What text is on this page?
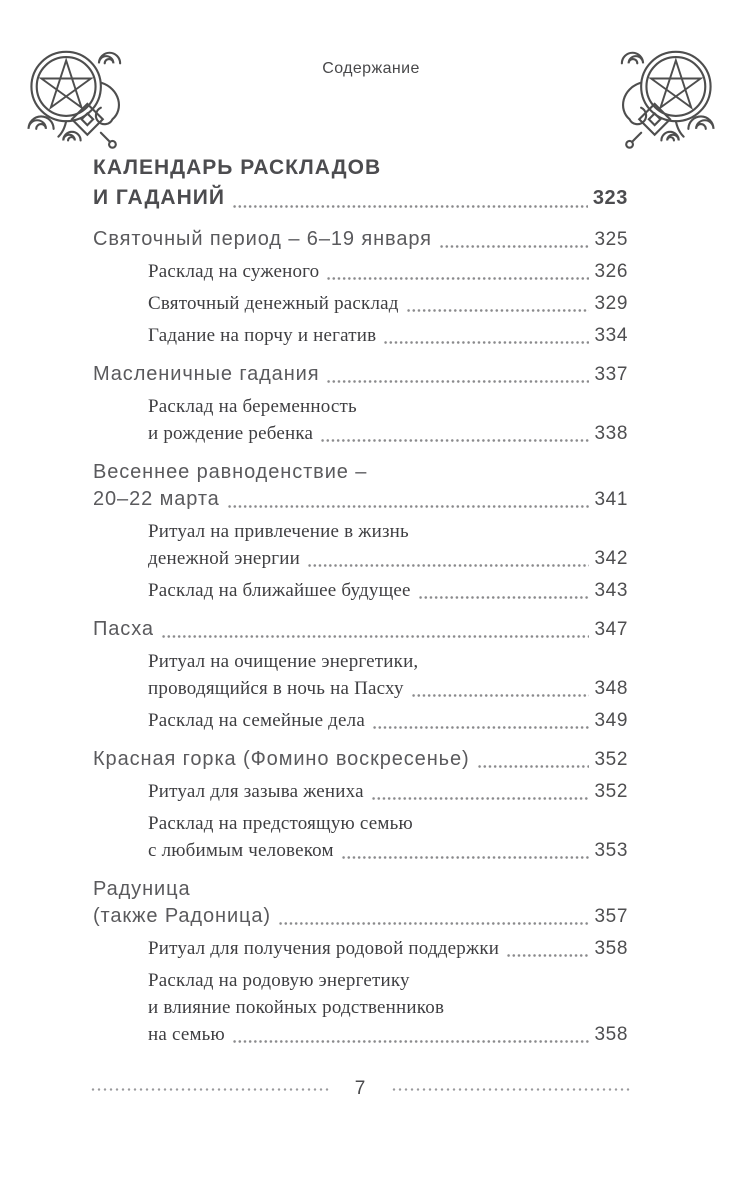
Содержание
КАЛЕНДАРЬ РАСКЛАДОВ
И ГАДАНИЙ	323
Святочный период – 6–19 января	325
Расклад на суженого	326
Святочный денежный расклад	329
Гадание на порчу и негатив	334
Масленичные гадания	337
Расклад на беременность
и рождение ребенка	338
Весеннее равноденствие –
20–22 марта	341
Ритуал на привлечение в жизнь
денежной энергии	342
Расклад на ближайшее будущее	343
Пасха	347
Ритуал на очищение энергетики,
проводящийся в ночь на Пасху	348
Расклад на семейные дела	349
Красная горка (Фомино воскресенье)	352
Ритуал для зазыва жениха	352
Расклад на предстоящую семью
с любимым человеком	353
Радуница
(также Радоница)	357
Ритуал для получения родовой поддержки	358
Расклад на родовую энергетику
и влияние покойных родственников
на семью	358
7
